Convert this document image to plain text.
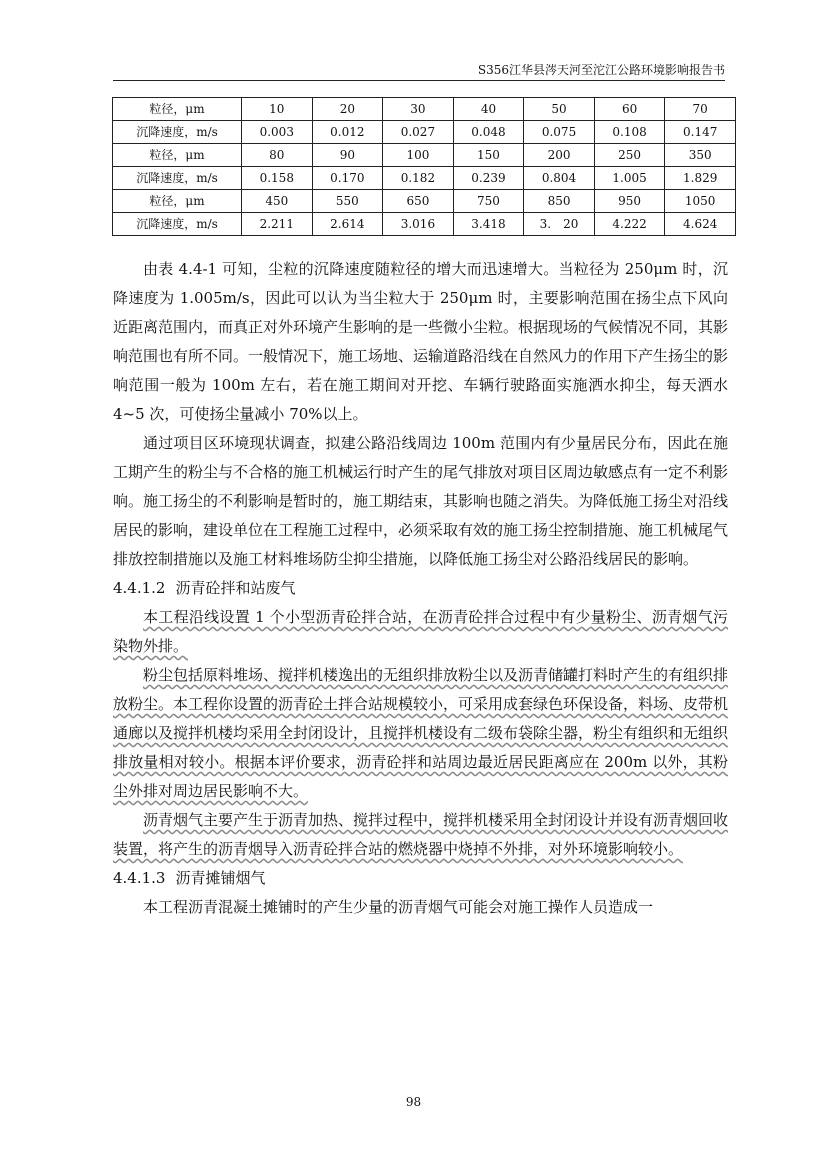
S356江华县涔天河至沱江公路环境影响报告书
粒径，μm	10	20	30	40	50	60	70
沉降速度，m/s	0.003	0.012	0.027	0.048	0.075	0.108	0.147
粒径，μm	80	90	100	150	200	250	350
沉降速度，m/s	0.158	0.170	0.182	0.239	0.804	1.005	1.829
粒径，μm	450	550	650	750	850	950	1050
沉降速度，m/s	2.211	2.614	3.016	3.418	3.　20	4.222	4.624

由表 4.4-1 可知，尘粒的沉降速度随粒径的增大而迅速增大。当粒径为 250μm 时，沉降速度为 1.005m/s，因此可以认为当尘粒大于 250μm 时，主要影响范围在扬尘点下风向近距离范围内，而真正对外环境产生影响的是一些微小尘粒。根据现场的气候情况不同，其影响范围也有所不同。一般情况下，施工场地、运输道路沿线在自然风力的作用下产生扬尘的影响范围一般为 100m 左右，若在施工期间对开挖、车辆行驶路面实施洒水抑尘，每天洒水 4~5 次，可使扬尘量减小 70%以上。

通过项目区环境现状调查，拟建公路沿线周边 100m 范围内有少量居民分布，因此在施工期产生的粉尘与不合格的施工机械运行时产生的尾气排放对项目区周边敏感点有一定不利影响。施工扬尘的不利影响是暂时的，施工期结束，其影响也随之消失。为降低施工扬尘对沿线居民的影响，建设单位在工程施工过程中，必须采取有效的施工扬尘控制措施、施工机械尾气排放控制措施以及施工材料堆场防尘抑尘措施，以降低施工扬尘对公路沿线居民的影响。

4.4.1.2 沥青砼拌和站废气

本工程沿线设置 1 个小型沥青砼拌合站，在沥青砼拌合过程中有少量粉尘、沥青烟气污染物外排。

粉尘包括原料堆场、搅拌机楼逸出的无组织排放粉尘以及沥青储罐打料时产生的有组织排放粉尘。本工程你设置的沥青砼土拌合站规模较小，可采用成套绿色环保设备，料场、皮带机通廊以及搅拌机楼均采用全封闭设计，且搅拌机楼设有二级布袋除尘器，粉尘有组织和无组织排放量相对较小。根据本评价要求，沥青砼拌和站周边最近居民距离应在 200m 以外，其粉尘外排对周边居民影响不大。

沥青烟气主要产生于沥青加热、搅拌过程中，搅拌机楼采用全封闭设计并设有沥青烟回收装置，将产生的沥青烟导入沥青砼拌合站的燃烧器中烧掉不外排，对外环境影响较小。

4.4.1.3 沥青摊铺烟气

本工程沥青混凝土摊铺时的产生少量的沥青烟气可能会对施工操作人员造成一

98
